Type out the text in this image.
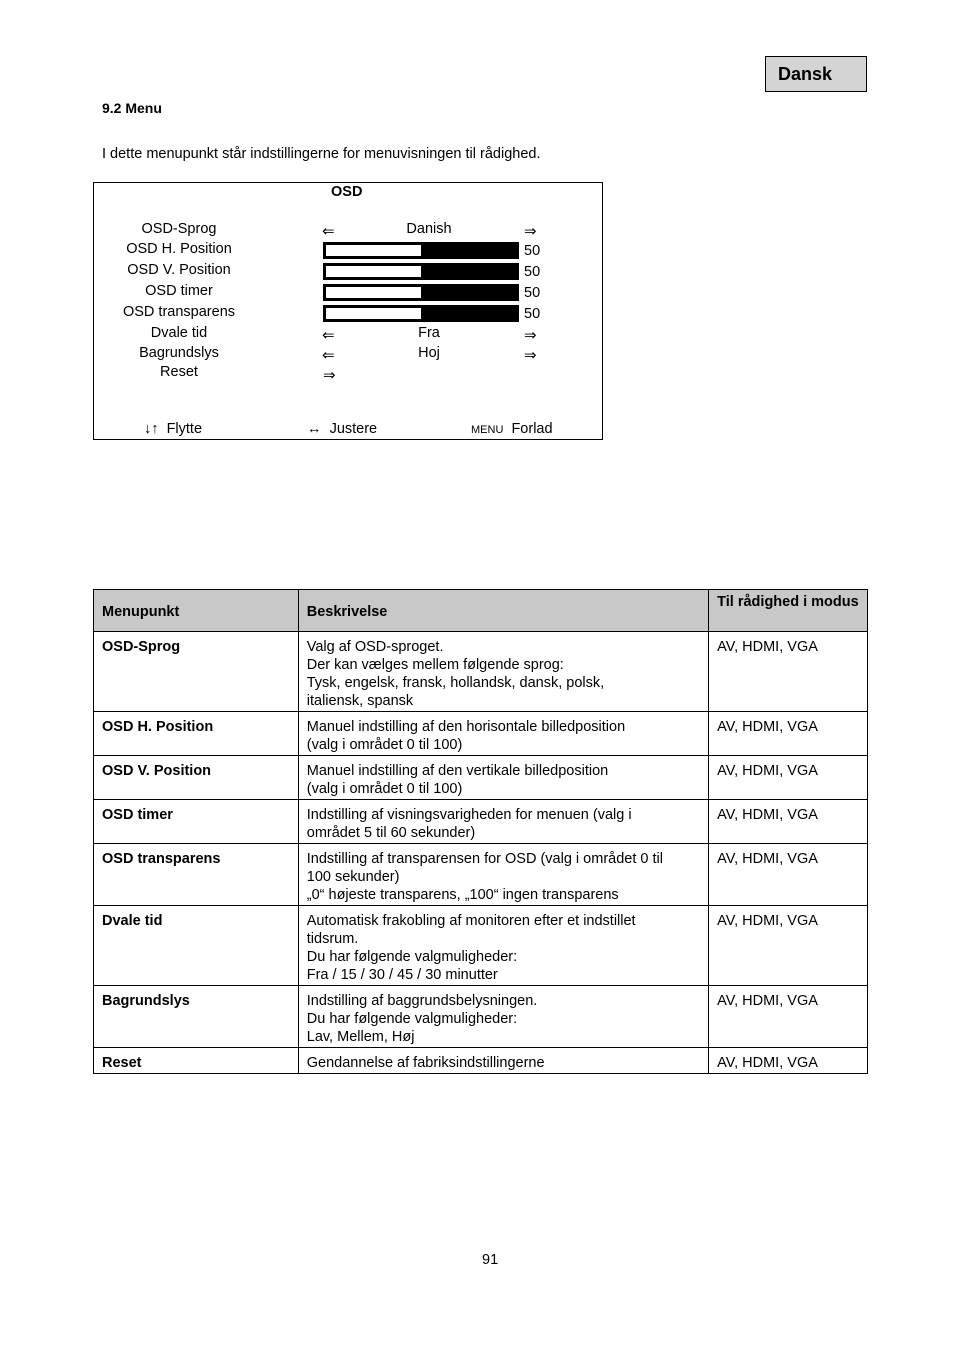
Dansk
9.2 Menu
I dette menupunkt står indstillingerne for menuvisningen til rådighed.
OSD
↓↑ Flytte	↔ Justere	MENU Forlad
OSD-Sprog	⇐	Danish	⇒
OSD H. Position	50
OSD V. Position	50
OSD timer	50
OSD transparens	50
Dvale tid	⇐	Fra	⇒
Bagrundslys	⇐	Hoj	⇒
Reset	⇒
Menupunkt	Beskrivelse	Til rådighed i modus
OSD-Sprog	Valg af OSD-sproget.
Der kan vælges mellem følgende sprog:
Tysk, engelsk, fransk, hollandsk, dansk, polsk,
italiensk, spansk	AV, HDMI, VGA
OSD H. Position	Manuel indstilling af den horisontale billedposition
(valg i området 0 til 100)	AV, HDMI, VGA
OSD V. Position	Manuel indstilling af den vertikale billedposition
(valg i området 0 til 100)	AV, HDMI, VGA
OSD timer	Indstilling af visningsvarigheden for menuen (valg i
området 5 til 60 sekunder)	AV, HDMI, VGA
OSD transparens	Indstilling af transparensen for OSD (valg i området 0 til
100 sekunder)
„0“ højeste transparens, „100“ ingen transparens	AV, HDMI, VGA
Dvale tid	Automatisk frakobling af monitoren efter et indstillet
tidsrum.
Du har følgende valgmuligheder:
Fra / 15 / 30 / 45 / 30 minutter	AV, HDMI, VGA
Bagrundslys	Indstilling af baggrundsbelysningen.
Du har følgende valgmuligheder:
Lav, Mellem, Høj	AV, HDMI, VGA
Reset	Gendannelse af fabriksindstillingerne	AV, HDMI, VGA
91
